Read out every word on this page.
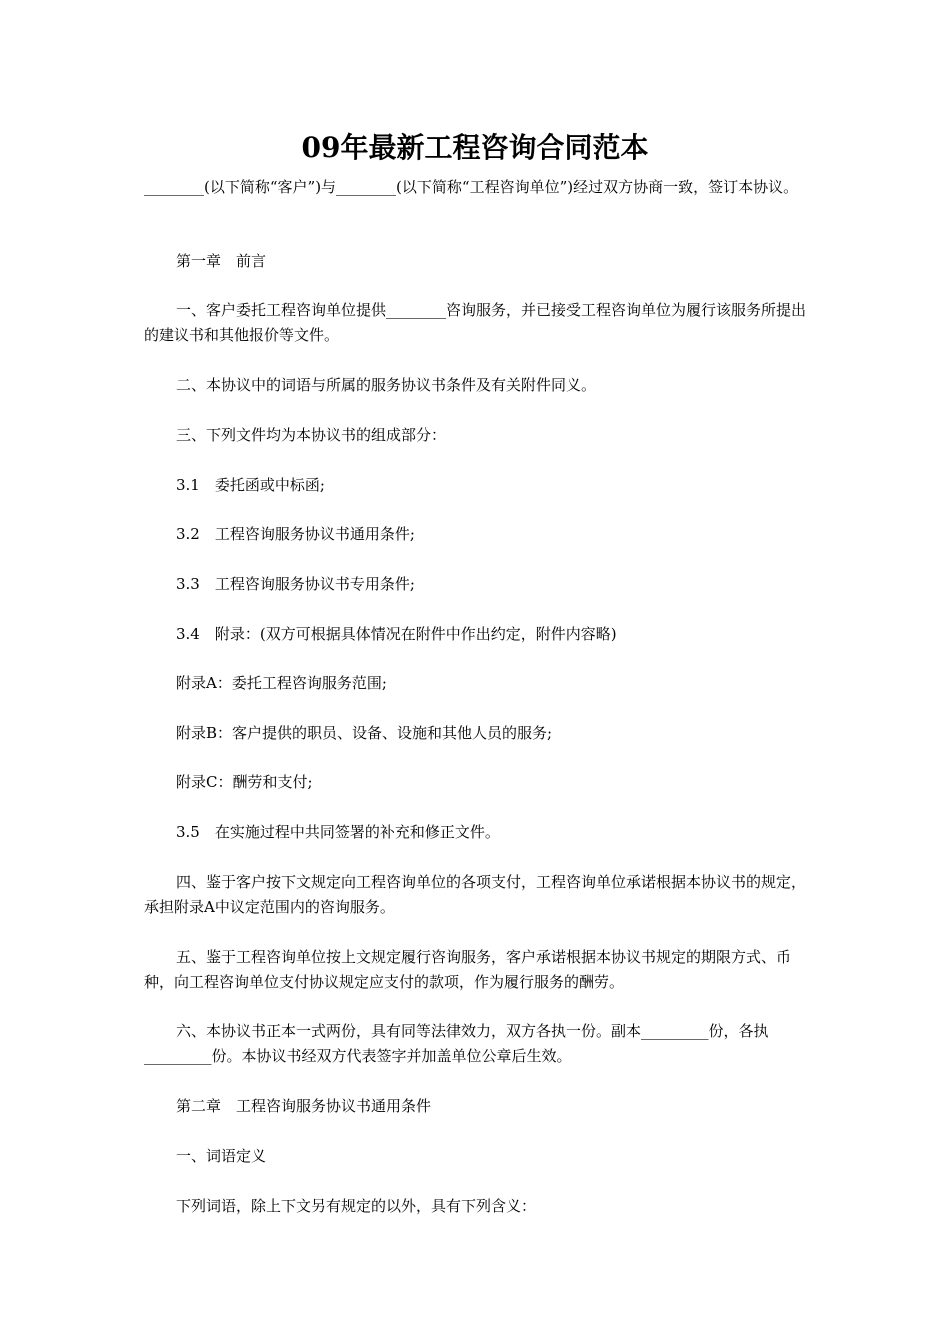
09年最新工程咨询合同范本

________(以下简称“客户”)与________(以下简称“工程咨询单位”)经过双方协商一致，签订本协议。

第一章　前言

一、客户委托工程咨询单位提供________咨询服务，并已接受工程咨询单位为履行该服务所提出的建议书和其他报价等文件。

二、本协议中的词语与所属的服务协议书条件及有关附件同义。

三、下列文件均为本协议书的组成部分：

3.1　委托函或中标函;

3.2　工程咨询服务协议书通用条件;

3.3　工程咨询服务协议书专用条件;

3.4　附录：(双方可根据具体情况在附件中作出约定，附件内容略)

附录A：委托工程咨询服务范围;

附录B：客户提供的职员、设备、设施和其他人员的服务;

附录C：酬劳和支付;

3.5　在实施过程中共同签署的补充和修正文件。

四、鉴于客户按下文规定向工程咨询单位的各项支付，工程咨询单位承诺根据本协议书的规定，承担附录A中议定范围内的咨询服务。

五、鉴于工程咨询单位按上文规定履行咨询服务，客户承诺根据本协议书规定的期限方式、币种，向工程咨询单位支付协议规定应支付的款项，作为履行服务的酬劳。

六、本协议书正本一式两份，具有同等法律效力，双方各执一份。副本_________份，各执_________份。本协议书经双方代表签字并加盖单位公章后生效。

第二章　工程咨询服务协议书通用条件

一、词语定义

下列词语，除上下文另有规定的以外，具有下列含义：
